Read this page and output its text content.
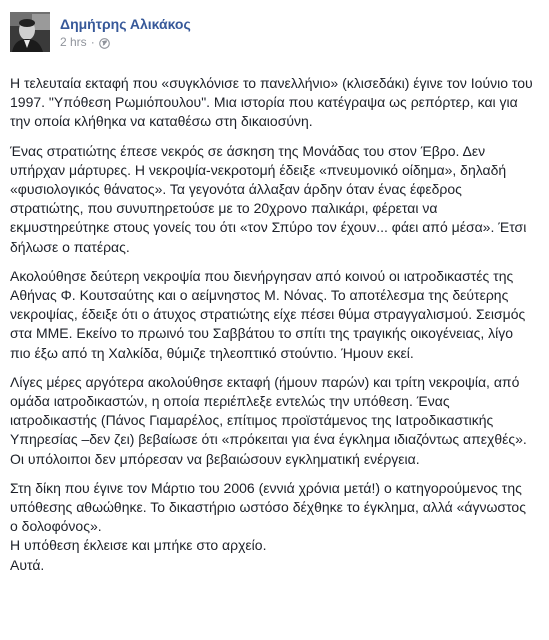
Δημήτρης Αλικάκος
2 hrs ·

Η τελευταία εκταφή που «συγκλόνισε το πανελλήνιο» (κλισεδάκι) έγινε τον Ιούνιο του 1997. "Υπόθεση Ρωμιόπουλου". Μια ιστορία που κατέγραψα ως ρεπόρτερ, και για την οποία κλήθηκα να καταθέσω στη δικαιοσύνη.

Ένας στρατιώτης έπεσε νεκρός σε άσκηση της Μονάδας του στον Έβρο. Δεν υπήρχαν μάρτυρες. Η νεκροψία-νεκροτομή έδειξε «πνευμονικό οίδημα», δηλαδή «φυσιολογικός θάνατος». Τα γεγονότα άλλαξαν άρδην όταν ένας έφεδρος στρατιώτης, που συνυπηρετούσε με το 20χρονο παλικάρι, φέρεται να εκμυστηρεύτηκε στους γονείς του ότι «τον Σπύρο τον έχουν... φάει από μέσα». Έτσι δήλωσε ο πατέρας.

Ακολούθησε δεύτερη νεκροψία που διενήργησαν από κοινού οι ιατροδικαστές της Αθήνας Φ. Κουτσαύτης και ο αείμνηστος Μ. Νόνας. Το αποτέλεσμα της δεύτερης νεκροψίας, έδειξε ότι ο άτυχος στρατιώτης είχε πέσει θύμα στραγγαλισμού. Σεισμός στα ΜΜΕ. Εκείνο το πρωινό του Σαββάτου το σπίτι της τραγικής οικογένειας, λίγο πιο έξω από τη Χαλκίδα, θύμιζε τηλεοπτικό στούντιο. Ήμουν εκεί.

Λίγες μέρες αργότερα ακολούθησε εκταφή (ήμουν παρών) και τρίτη νεκροψία, από ομάδα ιατροδικαστών, η οποία περιέπλεξε εντελώς την υπόθεση. Ένας ιατροδικαστής (Πάνος Γιαμαρέλος, επίτιμος προϊστάμενος της Ιατροδικαστικής Υπηρεσίας –δεν ζει) βεβαίωσε ότι «πρόκειται για ένα έγκλημα ιδιαζόντως απεχθές». Οι υπόλοιποι δεν μπόρεσαν να βεβαιώσουν εγκληματική ενέργεια.

Στη δίκη που έγινε τον Μάρτιο του 2006 (εννιά χρόνια μετά!) ο κατηγορούμενος της υπόθεσης αθωώθηκε. Το δικαστήριο ωστόσο δέχθηκε το έγκλημα, αλλά «άγνωστος ο δολοφόνος».
Η υπόθεση έκλεισε και μπήκε στο αρχείο.
Αυτά.
